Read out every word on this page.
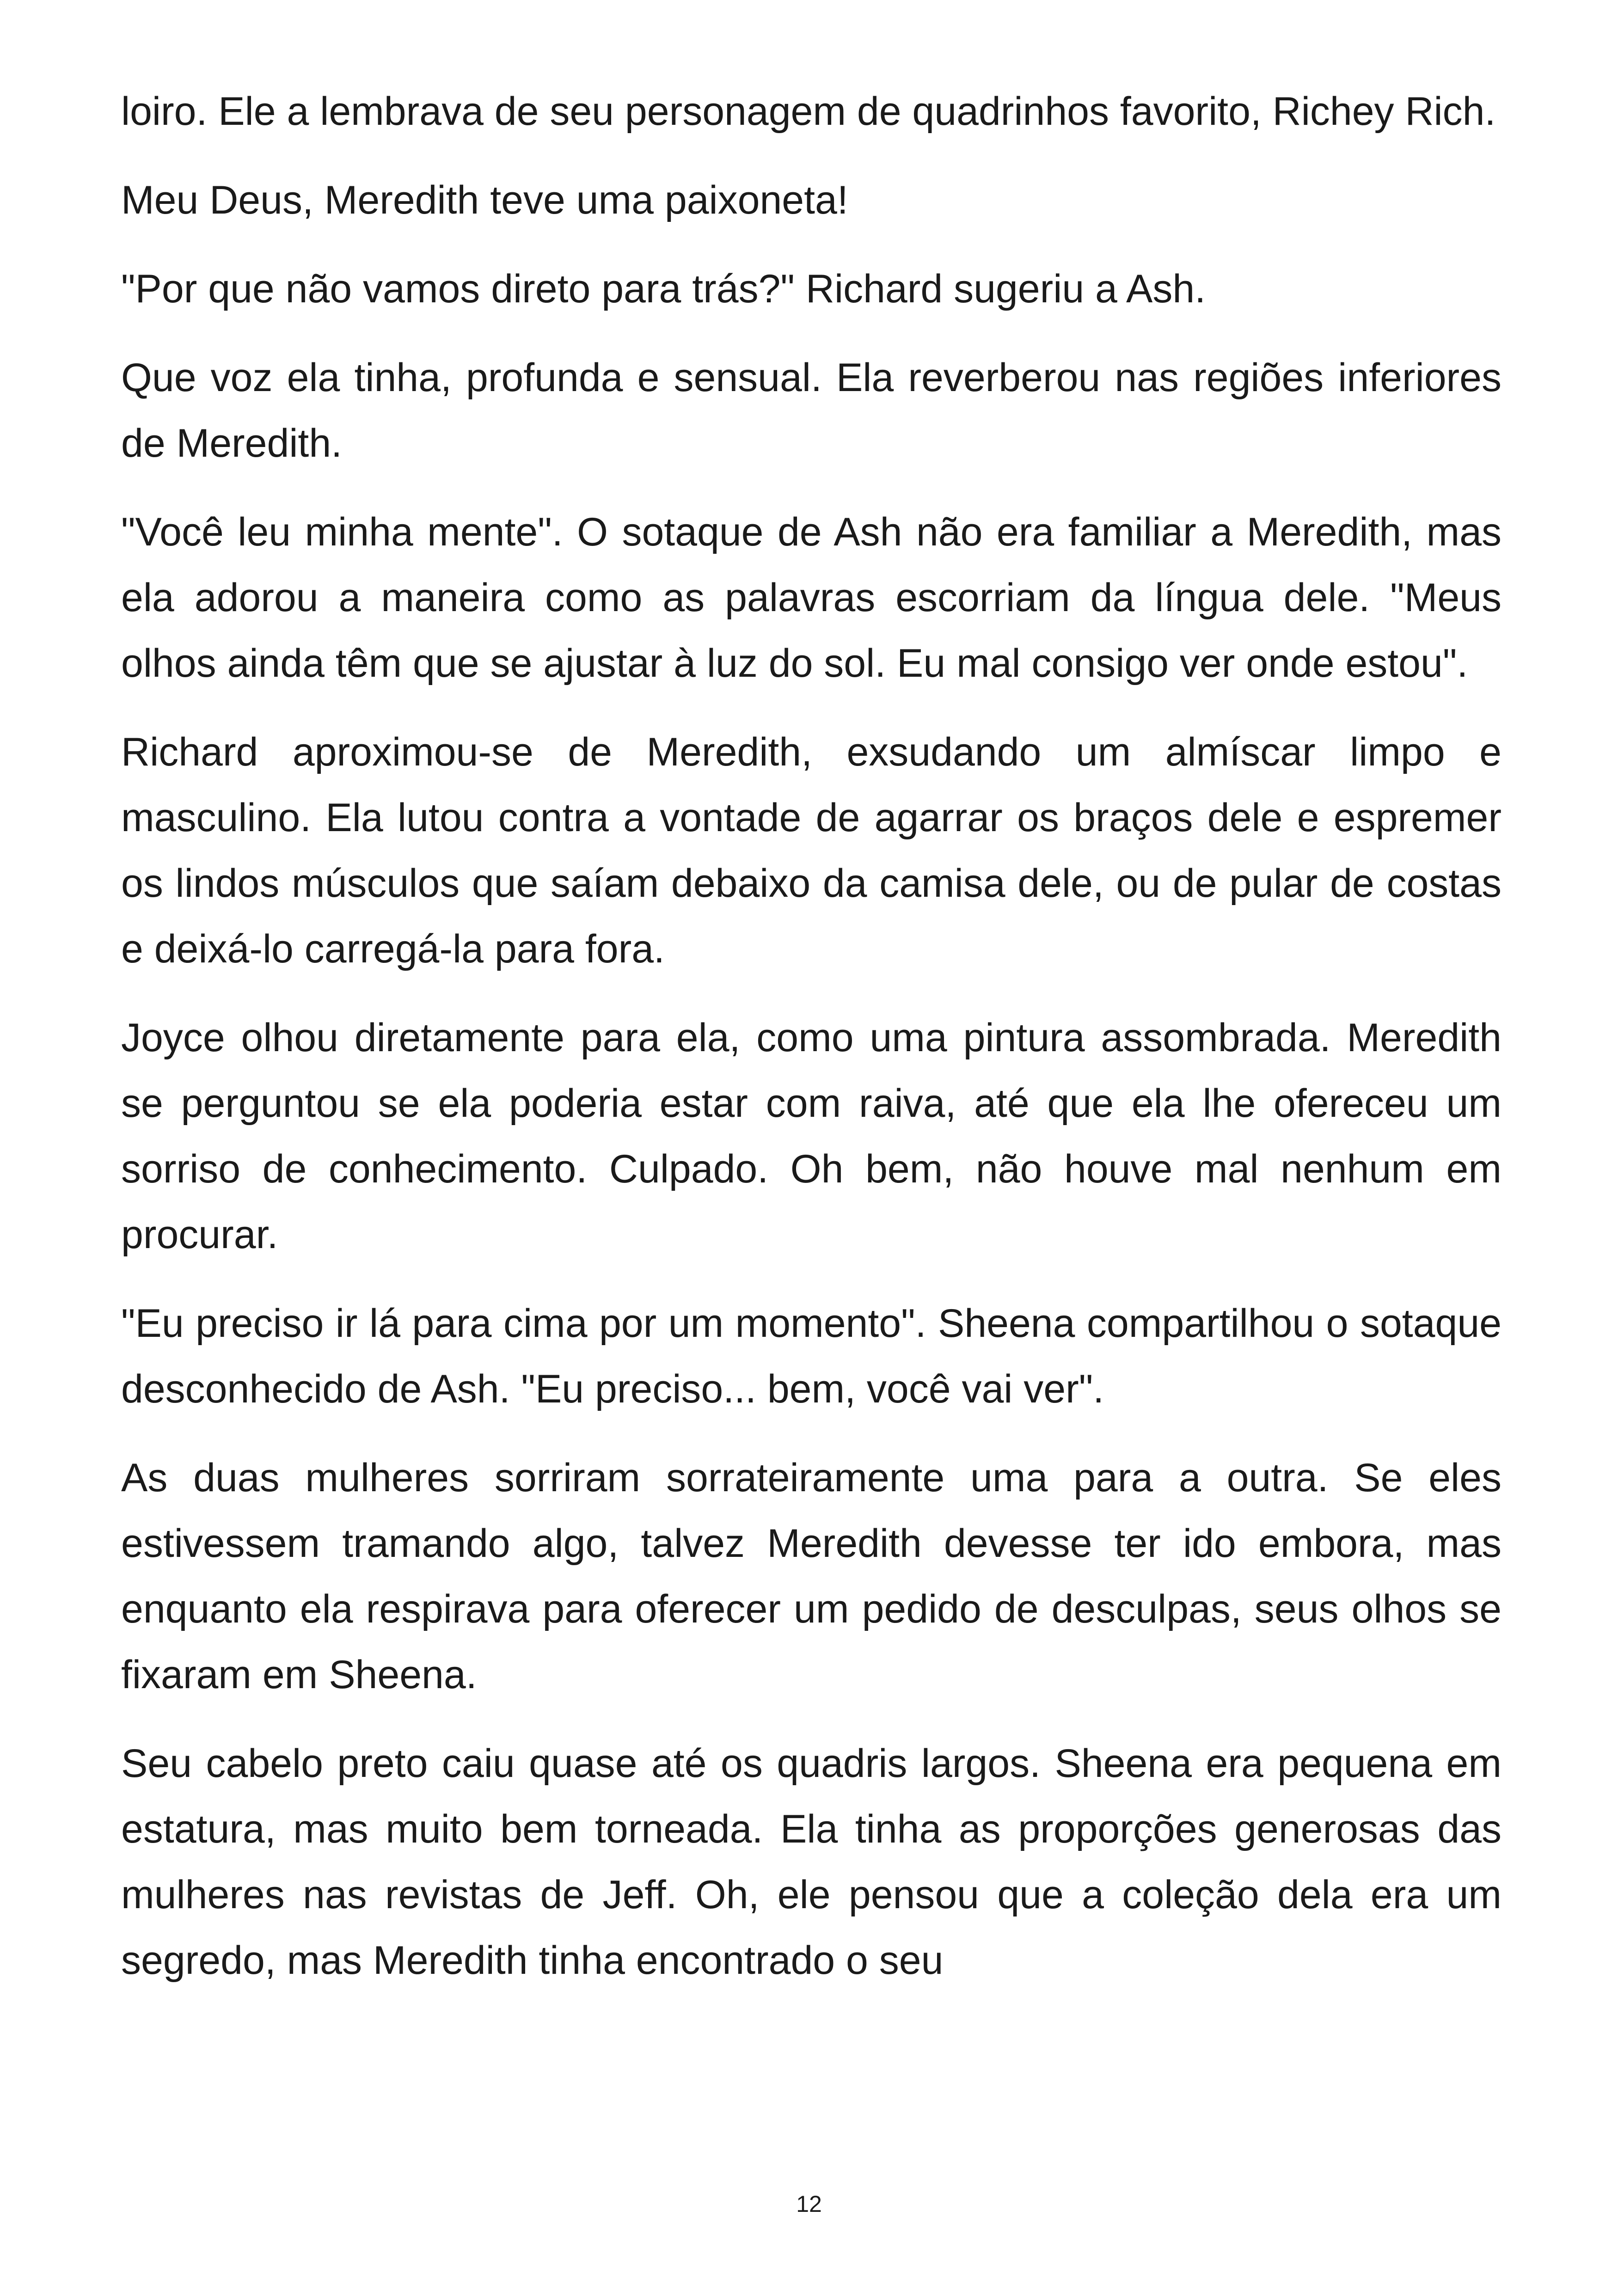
loiro. Ele a lembrava de seu personagem de quadrinhos favorito, Richey Rich.

Meu Deus, Meredith teve uma paixoneta!

"Por que não vamos direto para trás?" Richard sugeriu a Ash.

Que voz ela tinha, profunda e sensual. Ela reverberou nas regiões inferiores de Meredith.

"Você leu minha mente". O sotaque de Ash não era familiar a Meredith, mas ela adorou a maneira como as palavras escorriam da língua dele. "Meus olhos ainda têm que se ajustar à luz do sol. Eu mal consigo ver onde estou".

Richard aproximou-se de Meredith, exsudando um almíscar limpo e masculino. Ela lutou contra a vontade de agarrar os braços dele e espremer os lindos músculos que saíam debaixo da camisa dele, ou de pular de costas e deixá-lo carregá-la para fora.

Joyce olhou diretamente para ela, como uma pintura assombrada. Meredith se perguntou se ela poderia estar com raiva, até que ela lhe ofereceu um sorriso de conhecimento. Culpado. Oh bem, não houve mal nenhum em procurar.

"Eu preciso ir lá para cima por um momento". Sheena compartilhou o sotaque desconhecido de Ash. "Eu preciso... bem, você vai ver".

As duas mulheres sorriram sorrateiramente uma para a outra. Se eles estivessem tramando algo, talvez Meredith devesse ter ido embora, mas enquanto ela respirava para oferecer um pedido de desculpas, seus olhos se fixaram em Sheena.

Seu cabelo preto caiu quase até os quadris largos. Sheena era pequena em estatura, mas muito bem torneada. Ela tinha as proporções generosas das mulheres nas revistas de Jeff. Oh, ele pensou que a coleção dela era um segredo, mas Meredith tinha encontrado o seu

12
